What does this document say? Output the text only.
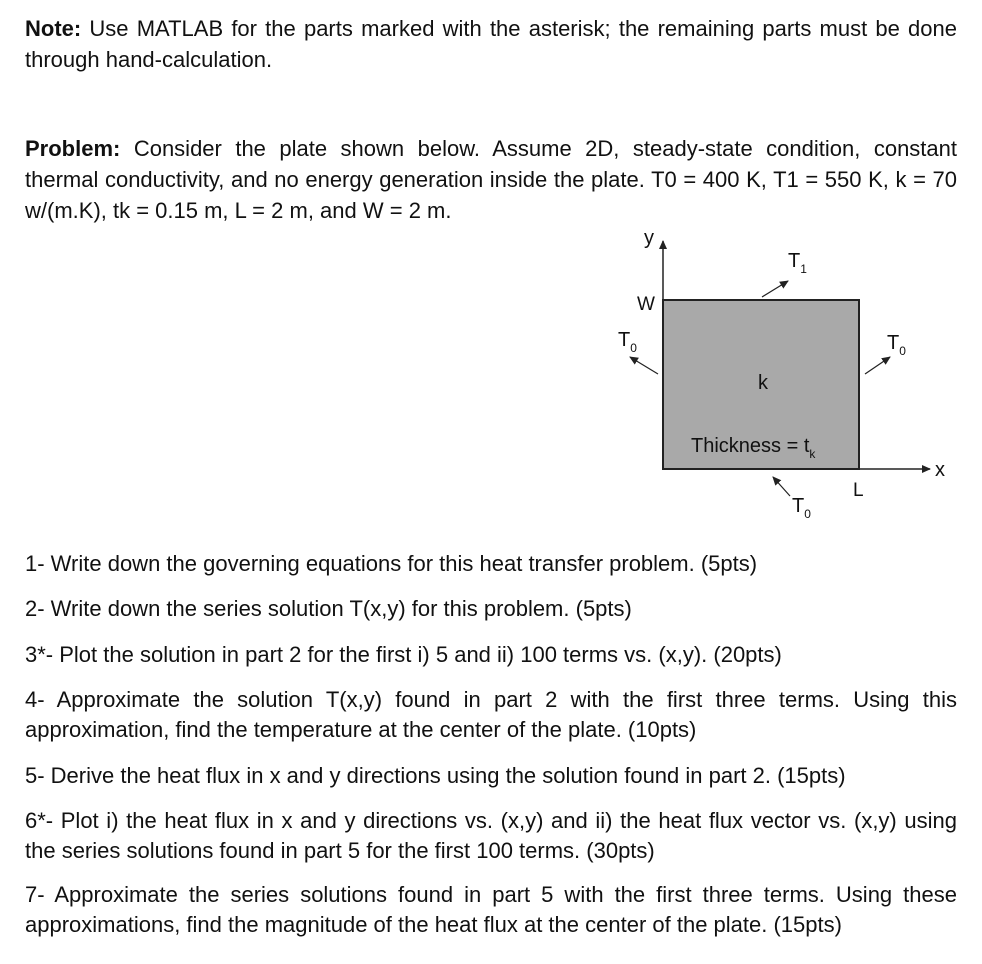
Note: Use MATLAB for the parts marked with the asterisk; the remaining parts must be done through hand-calculation.

Problem: Consider the plate shown below. Assume 2D, steady-state condition, constant thermal conductivity, and no energy generation inside the plate. T0 = 400 K, T1 = 550 K, k = 70 w/(m.K), tk = 0.15 m, L = 2 m, and W = 2 m.

y
x
W
L
k
Thickness = $t_k$
$T_1$
$T_0$	$T_0$
$T_0$

1- Write down the governing equations for this heat transfer problem. (5pts)

2- Write down the series solution T(x,y) for this problem. (5pts)

3*- Plot the solution in part 2 for the first i) 5 and ii) 100 terms vs. (x,y). (20pts)

4- Approximate the solution T(x,y) found in part 2 with the first three terms. Using this approximation, find the temperature at the center of the plate. (10pts)

5- Derive the heat flux in x and y directions using the solution found in part 2. (15pts)

6*- Plot i) the heat flux in x and y directions vs. (x,y) and ii) the heat flux vector vs. (x,y) using the series solutions found in part 5 for the first 100 terms. (30pts)

7- Approximate the series solutions found in part 5 with the first three terms. Using these approximations, find the magnitude of the heat flux at the center of the plate. (15pts)
